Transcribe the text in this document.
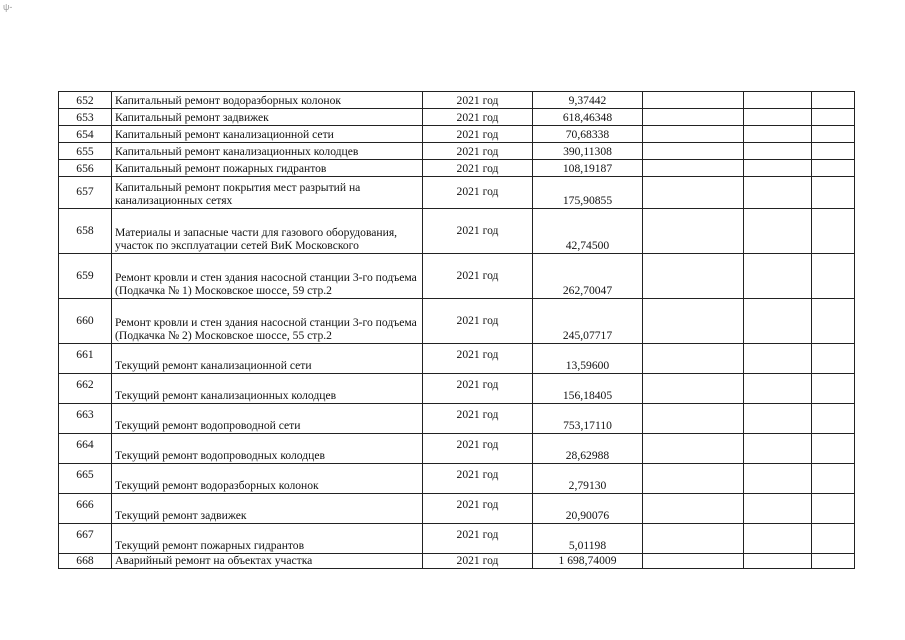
ψ-
652	Капитальный ремонт водоразборных колонок	2021 год	9,37442			
653	Капитальный ремонт задвижек	2021 год	618,46348			
654	Капитальный ремонт канализационной сети	2021 год	70,68338			
655	Капитальный ремонт канализационных колодцев	2021 год	390,11308			
656	Капитальный ремонт пожарных гидрантов	2021 год	108,19187			
657	Капитальный ремонт покрытия мест разрытий на канализационных сетях	2021 год	175,90855			
658	Материалы и запасные части для газового оборудования, участок по эксплуатации сетей ВиК Московского	2021 год	42,74500			
659	Ремонт кровли и стен здания насосной станции 3-го подъема (Подкачка № 1) Московское шоссе, 59 стр.2	2021 год	262,70047			
660	Ремонт кровли и стен здания насосной станции 3-го подъема (Подкачка № 2) Московское шоссе, 55 стр.2	2021 год	245,07717			
661	Текущий ремонт канализационной сети	2021 год	13,59600			
662	Текущий ремонт канализационных колодцев	2021 год	156,18405			
663	Текущий ремонт водопроводной сети	2021 год	753,17110			
664	Текущий ремонт водопроводных колодцев	2021 год	28,62988			
665	Текущий ремонт водоразборных колонок	2021 год	2,79130			
666	Текущий ремонт задвижек	2021 год	20,90076			
667	Текущий ремонт пожарных гидрантов	2021 год	5,01198			
668	Аварийный ремонт на объектах участка	2021 год	1 698,74009			
